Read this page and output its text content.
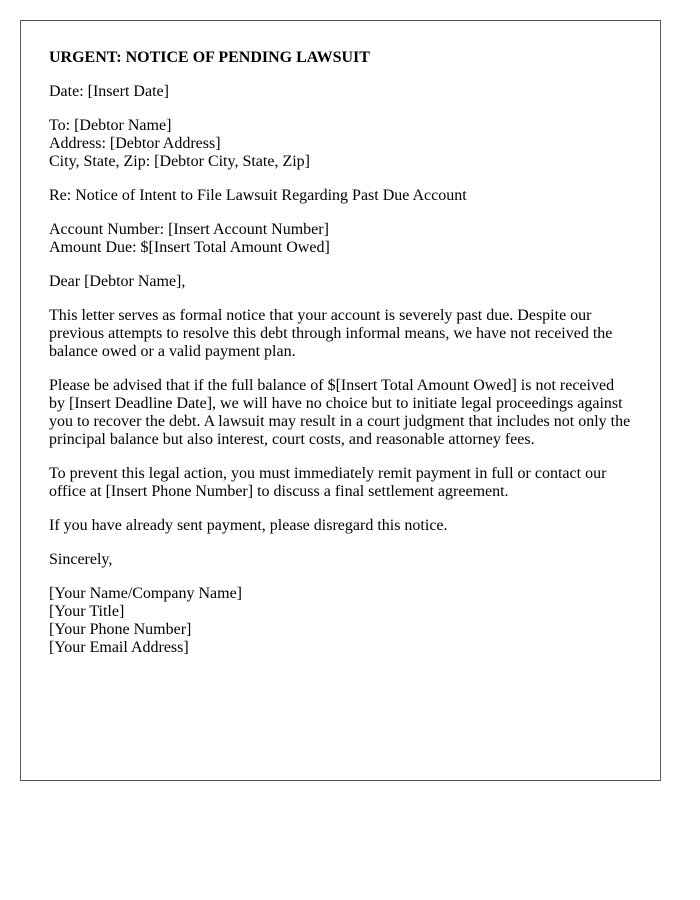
URGENT: NOTICE OF PENDING LAWSUIT

Date: [Insert Date]

To: [Debtor Name]
Address: [Debtor Address]
City, State, Zip: [Debtor City, State, Zip]

Re: Notice of Intent to File Lawsuit Regarding Past Due Account

Account Number: [Insert Account Number]
Amount Due: $[Insert Total Amount Owed]

Dear [Debtor Name],

This letter serves as formal notice that your account is severely past due. Despite our previous attempts to resolve this debt through informal means, we have not received the balance owed or a valid payment plan.

Please be advised that if the full balance of $[Insert Total Amount Owed] is not received by [Insert Deadline Date], we will have no choice but to initiate legal proceedings against you to recover the debt. A lawsuit may result in a court judgment that includes not only the principal balance but also interest, court costs, and reasonable attorney fees.

To prevent this legal action, you must immediately remit payment in full or contact our office at [Insert Phone Number] to discuss a final settlement agreement.

If you have already sent payment, please disregard this notice.

Sincerely,

[Your Name/Company Name]
[Your Title]
[Your Phone Number]
[Your Email Address]
